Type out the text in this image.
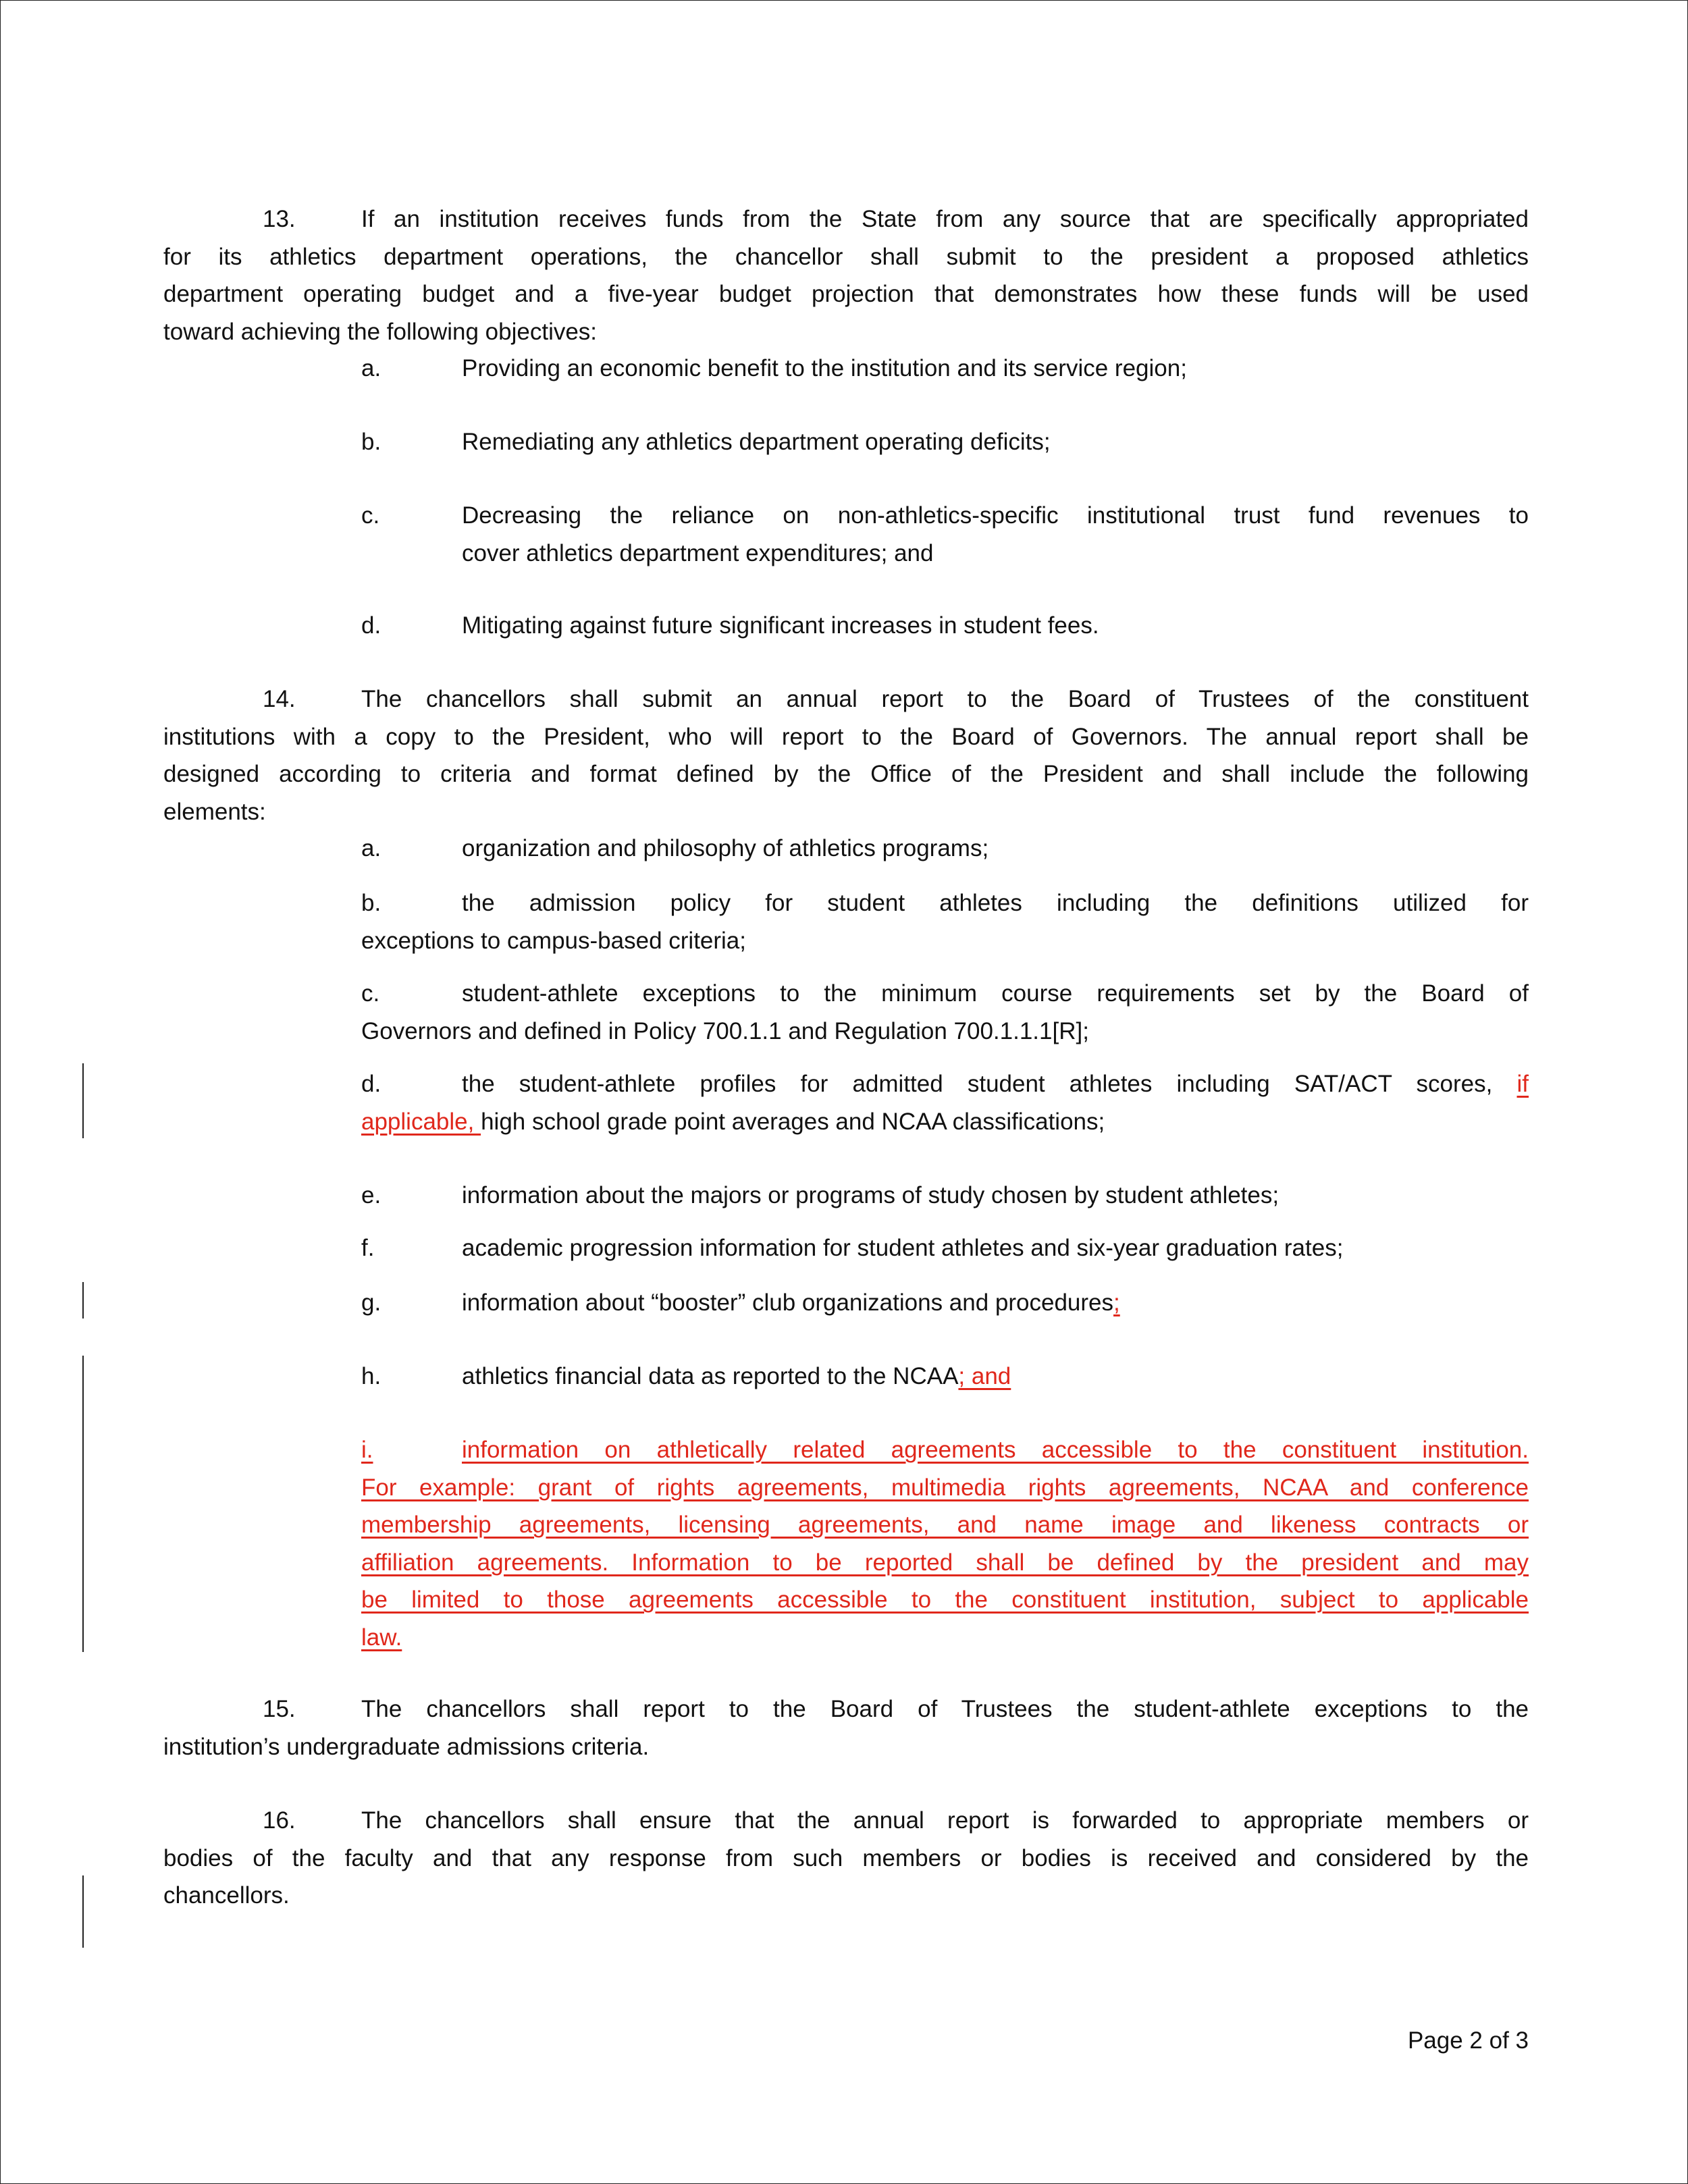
13.	If an institution receives funds from the State from any source that are specifically appropriated
for its athletics department operations, the chancellor shall submit to the president a proposed athletics
department operating budget and a five-year budget projection that demonstrates how these funds will be used
toward achieving the following objectives:
a.	Providing an economic benefit to the institution and its service region;
b.	Remediating any athletics department operating deficits;
c.	Decreasing the reliance on non-athletics-specific institutional trust fund revenues to
cover athletics department expenditures; and
d.	Mitigating against future significant increases in student fees.
14.	The chancellors shall submit an annual report to the Board of Trustees of the constituent
institutions with a copy to the President, who will report to the Board of Governors. The annual report shall be
designed according to criteria and format defined by the Office of the President and shall include the following
elements:
a.	organization and philosophy of athletics programs;
b.	the admission policy for student athletes including the definitions utilized for
exceptions to campus-based criteria;
c.	student-athlete exceptions to the minimum course requirements set by the Board of
Governors and defined in Policy 700.1.1 and Regulation 700.1.1.1[R];
d.	the student-athlete profiles for admitted student athletes including SAT/ACT scores, if
applicable, high school grade point averages and NCAA classifications;
e.	information about the majors or programs of study chosen by student athletes;
f.	academic progression information for student athletes and six-year graduation rates;
g.	information about “booster” club organizations and procedures;
h.	athletics financial data as reported to the NCAA; and
i.	information on athletically related agreements accessible to the constituent institution.
For example: grant of rights agreements, multimedia rights agreements, NCAA and conference
membership agreements, licensing agreements, and name image and likeness contracts or
affiliation agreements. Information to be reported shall be defined by the president and may
be limited to those agreements accessible to the constituent institution, subject to applicable
law.
15.	The chancellors shall report to the Board of Trustees the student-athlete exceptions to the
institution’s undergraduate admissions criteria.
16.	The chancellors shall ensure that the annual report is forwarded to appropriate members or
bodies of the faculty and that any response from such members or bodies is received and considered by the
chancellors.
Page 2 of 3
